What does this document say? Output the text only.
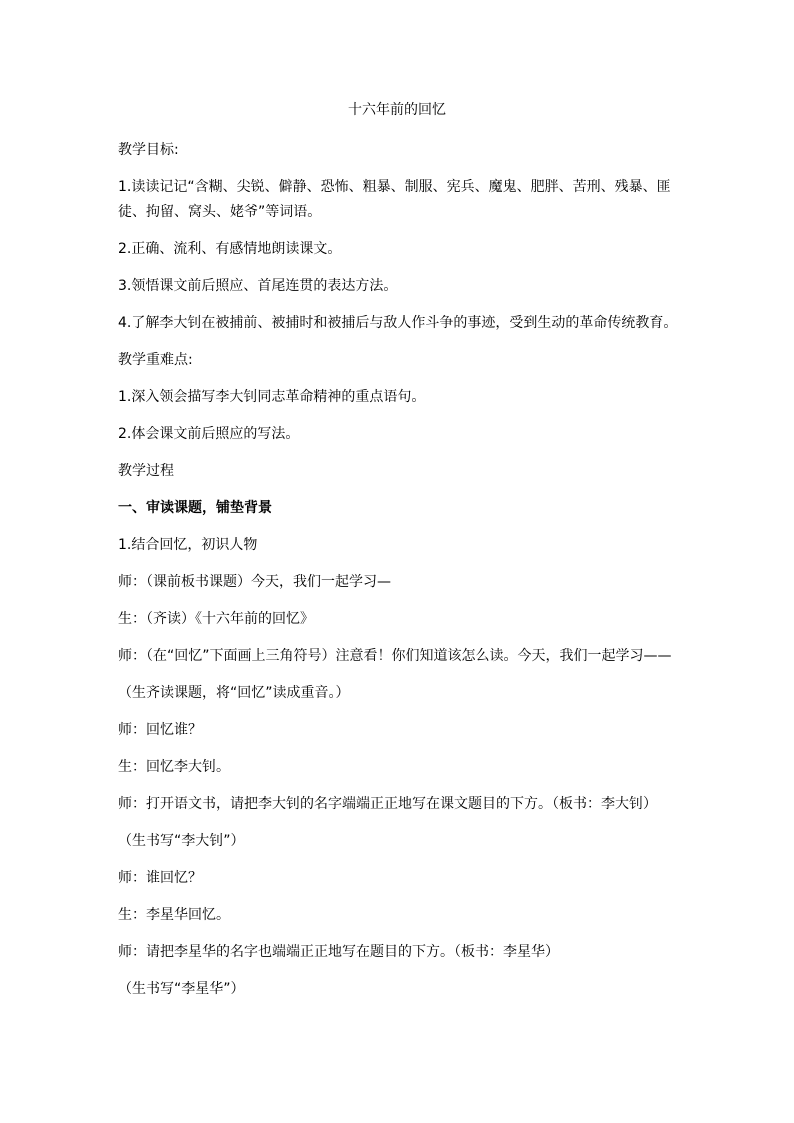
十六年前的回忆

教学目标:

1.读读记记“含糊、尖锐、僻静、恐怖、粗暴、制服、宪兵、魔鬼、肥胖、苦刑、残暴、匪徒、拘留、窝头、姥爷”等词语。

2.正确、流利、有感情地朗读课文。

3.领悟课文前后照应、首尾连贯的表达方法。

4.了解李大钊在被捕前、被捕时和被捕后与敌人作斗争的事迹，受到生动的革命传统教育。

教学重难点:

1.深入领会描写李大钊同志革命精神的重点语句。

2.体会课文前后照应的写法。

教学过程

一、审读课题，铺垫背景

1.结合回忆，初识人物

师：（课前板书课题）今天，我们一起学习—

生：（齐读）《十六年前的回忆》

师：（在“回忆”下面画上三角符号）注意看！你们知道该怎么读。今天，我们一起学习——

（生齐读课题，将“回忆”读成重音。）

师：回忆谁？

生：回忆李大钊。

师：打开语文书，请把李大钊的名字端端正正地写在课文题目的下方。（板书：李大钊）

（生书写“李大钊”）

师：谁回忆？

生：李星华回忆。

师：请把李星华的名字也端端正正地写在题目的下方。（板书：李星华）

（生书写“李星华”）
